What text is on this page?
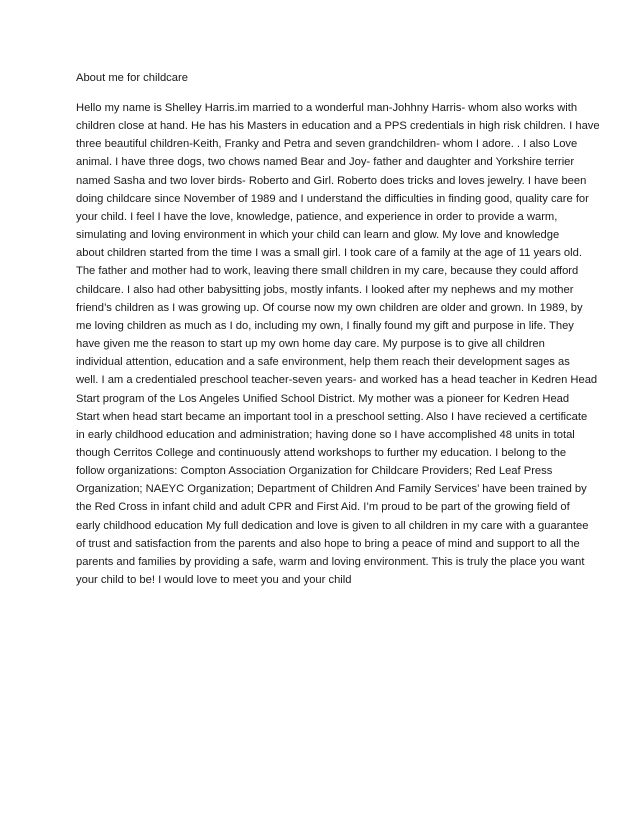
About me for childcare

Hello my name is Shelley Harris.im married to a wonderful man-Johhny Harris- whom also works with
children close at hand. He has his Masters in education and a PPS credentials in high risk children. I have
three beautiful children-Keith, Franky and Petra and seven grandchildren- whom I adore. . I also Love
animal. I have three dogs, two chows named Bear and Joy- father and daughter and Yorkshire terrier
named Sasha and two lover birds- Roberto and Girl. Roberto does tricks and loves jewelry. I have been
doing childcare since November of 1989 and I understand the difficulties in finding good, quality care for
your child. I feel I have the love, knowledge, patience, and experience in order to provide a warm,
simulating and loving environment in which your child can learn and glow. My love and knowledge
about children started from the time I was a small girl. I took care of a family at the age of 11 years old.
The father and mother had to work, leaving there small children in my care, because they could afford
childcare. I also had other babysitting jobs, mostly infants. I looked after my nephews and my mother
friend’s children as I was growing up. Of course now my own children are older and grown. In 1989, by
me loving children as much as I do, including my own, I finally found my gift and purpose in life. They
have given me the reason to start up my own home day care. My purpose is to give all children
individual attention, education and a safe environment, help them reach their development sages as
well. I am a credentialed preschool teacher-seven years- and worked has a head teacher in Kedren Head
Start program of the Los Angeles Unified School District. My mother was a pioneer for Kedren Head
Start when head start became an important tool in a preschool setting. Also I have recieved a certificate
in early childhood education and administration; having done so I have accomplished 48 units in total
though Cerritos College and continuously attend workshops to further my education. I belong to the
follow organizations: Compton Association Organization for Childcare Providers; Red Leaf Press
Organization; NAEYC Organization; Department of Children And Family Services’ have been trained by
the Red Cross in infant child and adult CPR and First Aid. I’m proud to be part of the growing field of
early childhood education My full dedication and love is given to all children in my care with a guarantee
of trust and satisfaction from the parents and also hope to bring a peace of mind and support to all the
parents and families by providing a safe, warm and loving environment. This is truly the place you want
your child to be! I would love to meet you and your child
